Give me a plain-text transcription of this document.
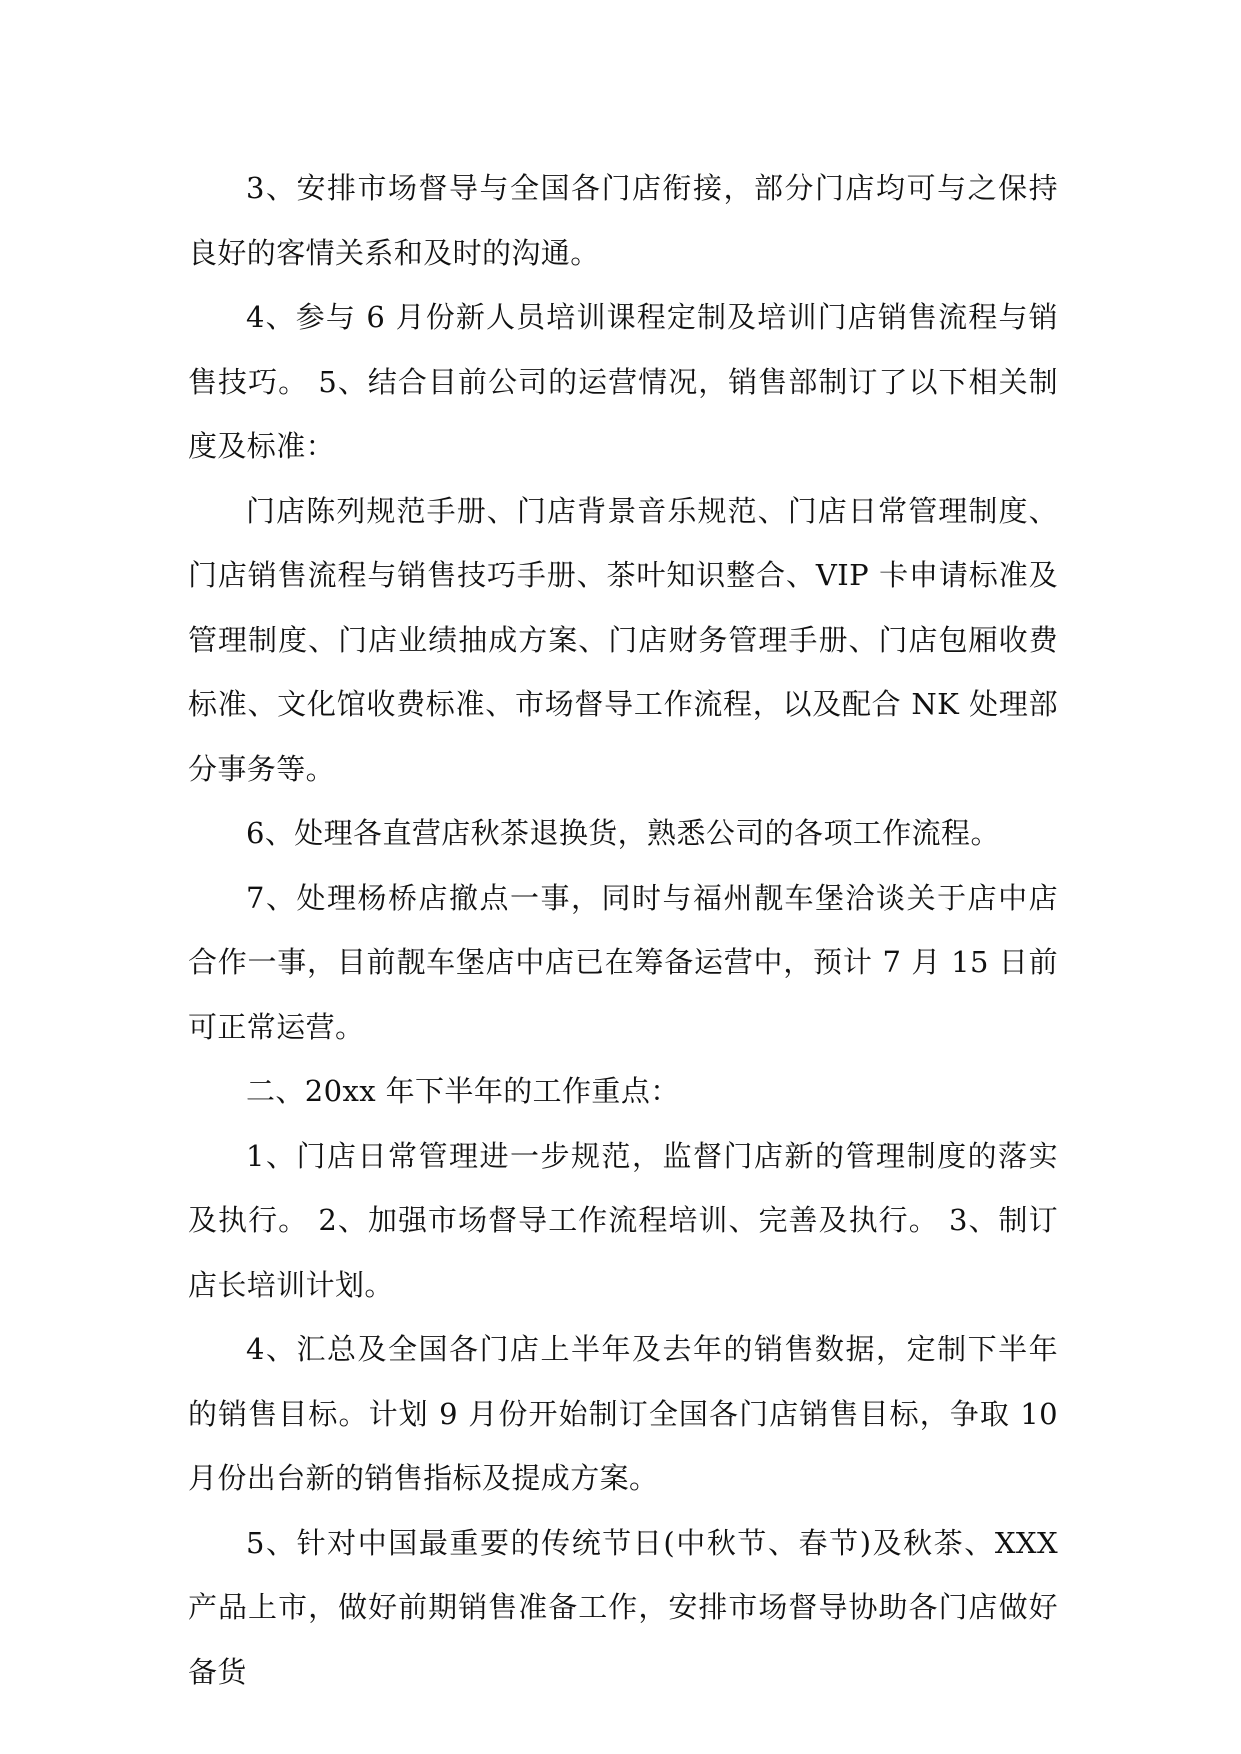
3、安排市场督导与全国各门店衔接，部分门店均可与之保持良好的客情关系和及时的沟通。

4、参与 6 月份新人员培训课程定制及培训门店销售流程与销售技巧。 5、结合目前公司的运营情况，销售部制订了以下相关制度及标准：

门店陈列规范手册、门店背景音乐规范、门店日常管理制度、门店销售流程与销售技巧手册、茶叶知识整合、VIP 卡申请标准及管理制度、门店业绩抽成方案、门店财务管理手册、门店包厢收费标准、文化馆收费标准、市场督导工作流程，以及配合 NK 处理部分事务等。

6、处理各直营店秋茶退换货，熟悉公司的各项工作流程。

7、处理杨桥店撤点一事，同时与福州靓车堡洽谈关于店中店合作一事，目前靓车堡店中店已在筹备运营中，预计 7 月 15 日前可正常运营。

二、20xx 年下半年的工作重点：

1、门店日常管理进一步规范，监督门店新的管理制度的落实及执行。 2、加强市场督导工作流程培训、完善及执行。 3、制订店长培训计划。

4、汇总及全国各门店上半年及去年的销售数据，定制下半年的销售目标。计划 9 月份开始制订全国各门店销售目标，争取 10 月份出台新的销售指标及提成方案。

5、针对中国最重要的传统节日(中秋节、春节)及秋茶、XXX 产品上市，做好前期销售准备工作，安排市场督导协助各门店做好备货
